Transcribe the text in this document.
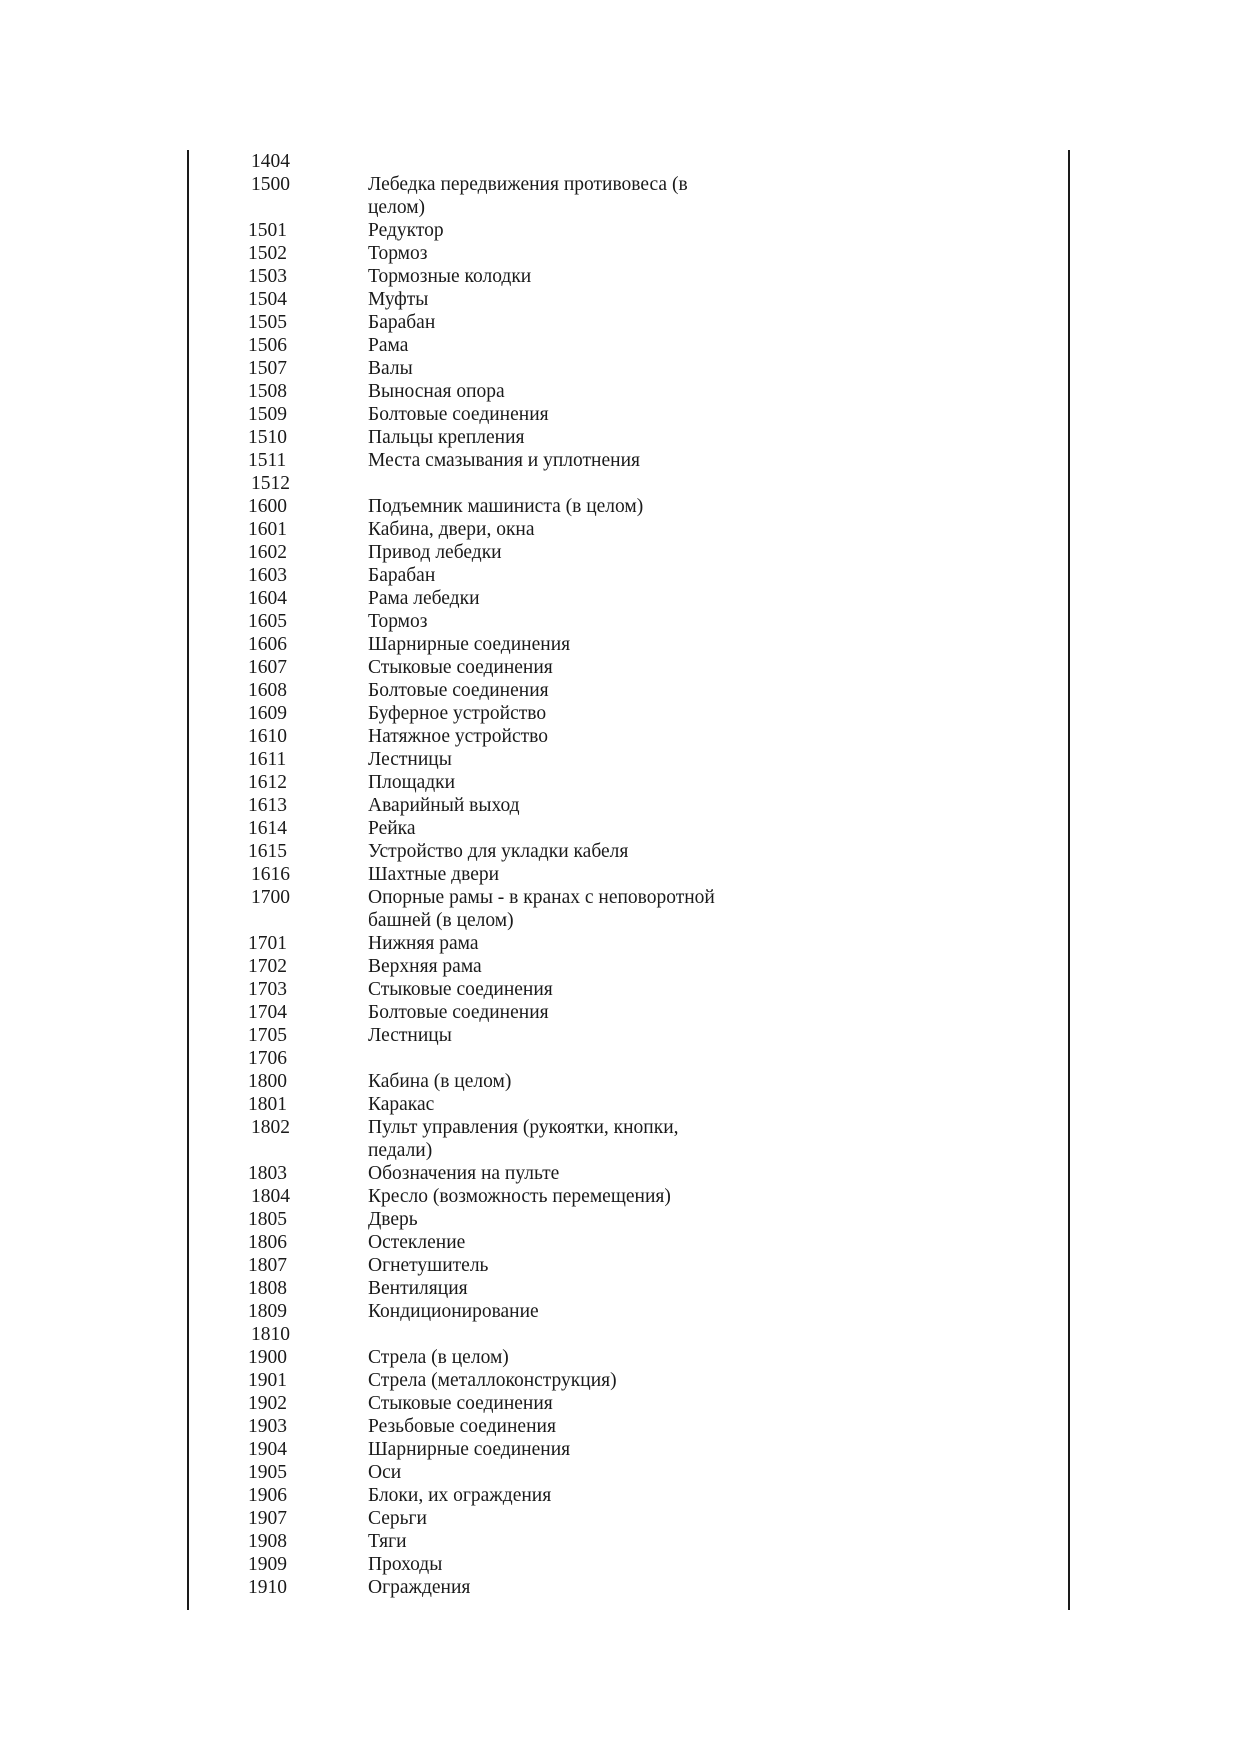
1404
1500	Лебедка передвижения противовеса (в
целом)
1501	Редуктор
1502	Тормоз
1503	Тормозные колодки
1504	Муфты
1505	Барабан
1506	Рама
1507	Валы
1508	Выносная опора
1509	Болтовые соединения
1510	Пальцы крепления
1511	Места смазывания и уплотнения
1512
1600	Подъемник машиниста (в целом)
1601	Кабина, двери, окна
1602	Привод лебедки
1603	Барабан
1604	Рама лебедки
1605	Тормоз
1606	Шарнирные соединения
1607	Стыковые соединения
1608	Болтовые соединения
1609	Буферное устройство
1610	Натяжное устройство
1611	Лестницы
1612	Площадки
1613	Аварийный выход
1614	Рейка
1615	Устройство для укладки кабеля
1616	Шахтные двери
1700	Опорные рамы - в кранах с неповоротной
башней (в целом)
1701	Нижняя рама
1702	Верхняя рама
1703	Стыковые соединения
1704	Болтовые соединения
1705	Лестницы
1706
1800	Кабина (в целом)
1801	Каракас
1802	Пульт управления (рукоятки, кнопки,
педали)
1803	Обозначения на пульте
1804	Кресло (возможность перемещения)
1805	Дверь
1806	Остекление
1807	Огнетушитель
1808	Вентиляция
1809	Кондиционирование
1810
1900	Стрела (в целом)
1901	Стрела (металлоконструкция)
1902	Стыковые соединения
1903	Резьбовые соединения
1904	Шарнирные соединения
1905	Оси
1906	Блоки, их ограждения
1907	Серьги
1908	Тяги
1909	Проходы
1910	Ограждения
